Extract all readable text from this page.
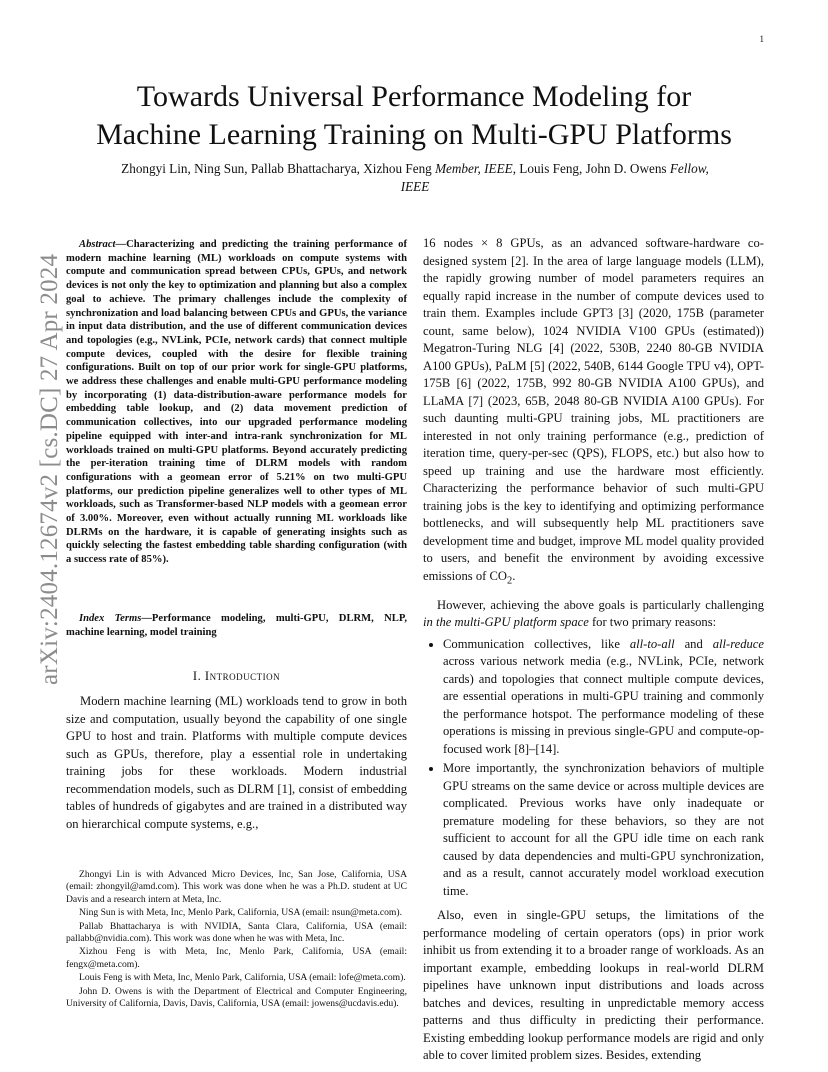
1
arXiv:2404.12674v2 [cs.DC] 27 Apr 2024
Towards Universal Performance Modeling for
Machine Learning Training on Multi-GPU Platforms
Zhongyi Lin, Ning Sun, Pallab Bhattacharya, Xizhou Feng Member, IEEE, Louis Feng, John D. Owens Fellow,
IEEE

Abstract—Characterizing and predicting the training performance of modern machine learning (ML) workloads on compute systems with compute and communication spread between CPUs, GPUs, and network devices is not only the key to optimization and planning but also a complex goal to achieve. The primary challenges include the complexity of synchronization and load balancing between CPUs and GPUs, the variance in input data distribution, and the use of different communication devices and topologies (e.g., NVLink, PCIe, network cards) that connect multiple compute devices, coupled with the desire for flexible training configurations. Built on top of our prior work for single-GPU platforms, we address these challenges and enable multi-GPU performance modeling by incorporating (1) data-distribution-aware performance models for embedding table lookup, and (2) data movement prediction of communication collectives, into our upgraded performance modeling pipeline equipped with inter-and intra-rank synchronization for ML workloads trained on multi-GPU platforms. Beyond accurately predicting the per-iteration training time of DLRM models with random configurations with a geomean error of 5.21% on two multi-GPU platforms, our prediction pipeline generalizes well to other types of ML workloads, such as Transformer-based NLP models with a geomean error of 3.00%. Moreover, even without actually running ML workloads like DLRMs on the hardware, it is capable of generating insights such as quickly selecting the fastest embedding table sharding configuration (with a success rate of 85%).

Index Terms—Performance modeling, multi-GPU, DLRM, NLP, machine learning, model training

I. Introduction

Modern machine learning (ML) workloads tend to grow in both size and computation, usually beyond the capability of one single GPU to host and train. Platforms with multiple compute devices such as GPUs, therefore, play a essential role in undertaking training jobs for these workloads. Modern industrial recommendation models, such as DLRM [1], consist of embedding tables of hundreds of gigabytes and are trained in a distributed way on hierarchical compute systems, e.g.,

Zhongyi Lin is with Advanced Micro Devices, Inc, San Jose, California, USA (email: zhongyil@amd.com). This work was done when he was a Ph.D. student at UC Davis and a research intern at Meta, Inc.

Ning Sun is with Meta, Inc, Menlo Park, California, USA (email: nsun@meta.com).

Pallab Bhattacharya is with NVIDIA, Santa Clara, California, USA (email: pallabb@nvidia.com). This work was done when he was with Meta, Inc.

Xizhou Feng is with Meta, Inc, Menlo Park, California, USA (email: fengx@meta.com).

Louis Feng is with Meta, Inc, Menlo Park, California, USA (email: lofe@meta.com).

John D. Owens is with the Department of Electrical and Computer Engineering, University of California, Davis, Davis, California, USA (email: jowens@ucdavis.edu).

16 nodes × 8 GPUs, as an advanced software-hardware co-designed system [2]. In the area of large language models (LLM), the rapidly growing number of model parameters requires an equally rapid increase in the number of compute devices used to train them. Examples include GPT3 [3] (2020, 175B (parameter count, same below), 1024 NVIDIA V100 GPUs (estimated)) Megatron-Turing NLG [4] (2022, 530B, 2240 80-GB NVIDIA A100 GPUs), PaLM [5] (2022, 540B, 6144 Google TPU v4), OPT-175B [6] (2022, 175B, 992 80-GB NVIDIA A100 GPUs), and LLaMA [7] (2023, 65B, 2048 80-GB NVIDIA A100 GPUs). For such daunting multi-GPU training jobs, ML practitioners are interested in not only training performance (e.g., prediction of iteration time, query-per-sec (QPS), FLOPS, etc.) but also how to speed up training and use the hardware most efficiently. Characterizing the performance behavior of such multi-GPU training jobs is the key to identifying and optimizing performance bottlenecks, and will subsequently help ML practitioners save development time and budget, improve ML model quality provided to users, and benefit the environment by avoiding excessive emissions of $CO_2$.

However, achieving the above goals is particularly challenging in the multi-GPU platform space for two primary reasons:

• Communication collectives, like all-to-all and all-reduce across various network media (e.g., NVLink, PCIe, network cards) and topologies that connect multiple compute devices, are essential operations in multi-GPU training and commonly the performance hotspot. The performance modeling of these operations is missing in previous single-GPU and compute-op-focused work [8]–[14].
• More importantly, the synchronization behaviors of multiple GPU streams on the same device or across multiple devices are complicated. Previous works have only inadequate or premature modeling for these behaviors, so they are not sufficient to account for all the GPU idle time on each rank caused by data dependencies and multi-GPU synchronization, and as a result, cannot accurately model workload execution time.

Also, even in single-GPU setups, the limitations of the performance modeling of certain operators (ops) in prior work inhibit us from extending it to a broader range of workloads. As an important example, embedding lookups in real-world DLRM pipelines have unknown input distributions and loads across batches and devices, resulting in unpredictable memory access patterns and thus difficulty in predicting their performance. Existing embedding lookup performance models are rigid and only able to cover limited problem sizes. Besides, extending
